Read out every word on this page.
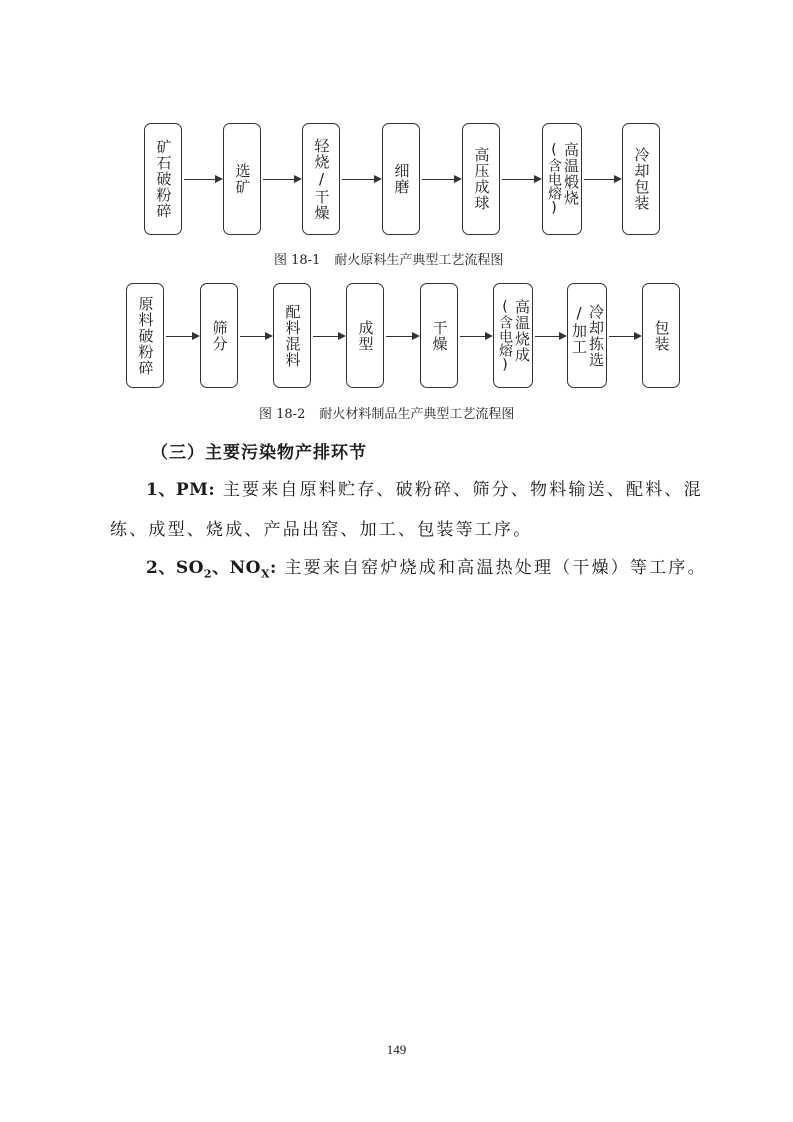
矿石破粉碎	选矿	轻烧/干燥	细磨	高压成球	高温煅烧
(含电熔)	冷却包装
图 18-1 耐火原料生产典型工艺流程图
原料破粉碎	筛分	配料混料	成型	干燥	高温烧成
(含电熔)	冷却拣选
/加工	包装
图 18-2 耐火材料制品生产典型工艺流程图
（三）主要污染物产排环节
1、PM: 主要来自原料贮存、破粉碎、筛分、物料输送、配料、混练、成型、烧成、产品出窑、加工、包装等工序。
2、$SO_2$、$NO_X$: 主要来自窑炉烧成和高温热处理（干燥）等工序。
149
